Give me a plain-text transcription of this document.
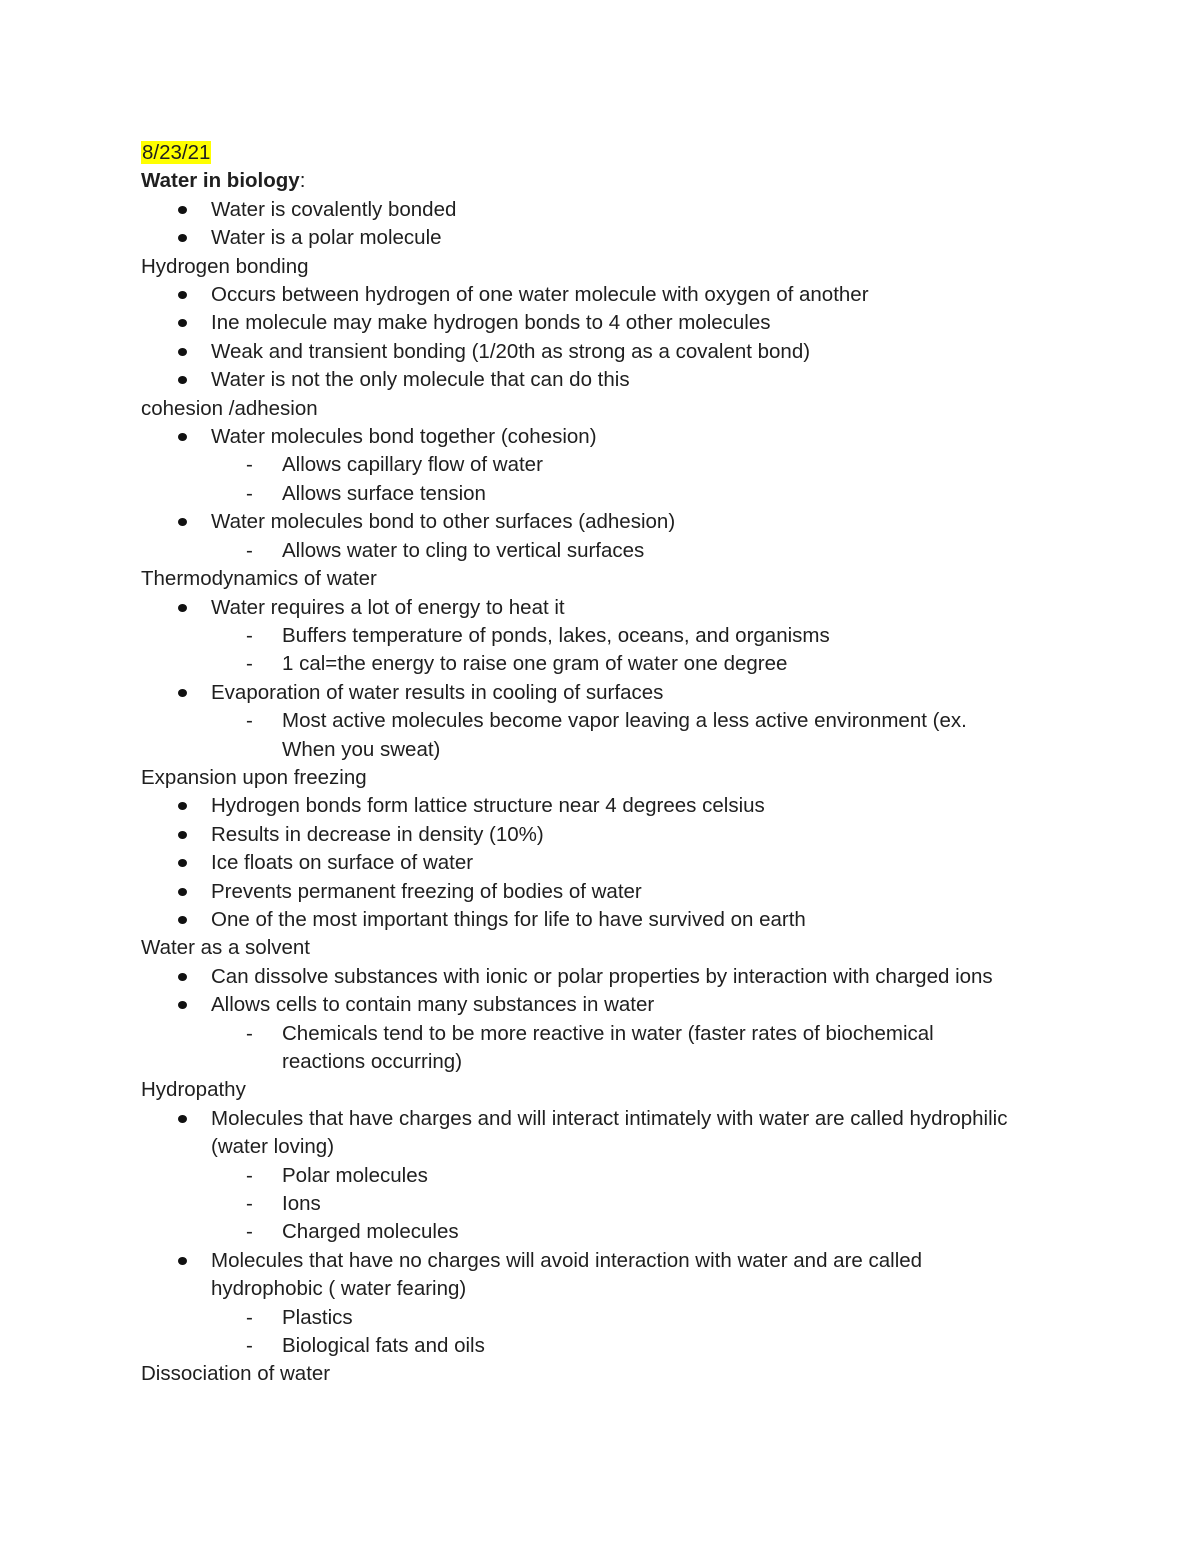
8/23/21
Water in biology:
Water is covalently bonded
Water is a polar molecule
Hydrogen bonding
Occurs between hydrogen of one water molecule with oxygen of another
Ine molecule may make hydrogen bonds to 4 other molecules
Weak and transient bonding (1/20th as strong as a covalent bond)
Water is not the only molecule that can do this
cohesion /adhesion
Water molecules bond together (cohesion)
- Allows capillary flow of water
- Allows surface tension
Water molecules bond to other surfaces (adhesion)
- Allows water to cling to vertical surfaces
Thermodynamics of water
Water requires a lot of energy to heat it
- Buffers temperature of ponds, lakes, oceans, and organisms
- 1 cal=the energy to raise one gram of water one degree
Evaporation of water results in cooling of surfaces
- Most active molecules become vapor leaving a less active environment (ex.
When you sweat)
Expansion upon freezing
Hydrogen bonds form lattice structure near 4 degrees celsius
Results in decrease in density (10%)
Ice floats on surface of water
Prevents permanent freezing of bodies of water
One of the most important things for life to have survived on earth
Water as a solvent
Can dissolve substances with ionic or polar properties by interaction with charged ions
Allows cells to contain many substances in water
- Chemicals tend to be more reactive in water (faster rates of biochemical
reactions occurring)
Hydropathy
Molecules that have charges and will interact intimately with water are called hydrophilic
(water loving)
- Polar molecules
- Ions
- Charged molecules
Molecules that have no charges will avoid interaction with water and are called
hydrophobic ( water fearing)
- Plastics
- Biological fats and oils
Dissociation of water
